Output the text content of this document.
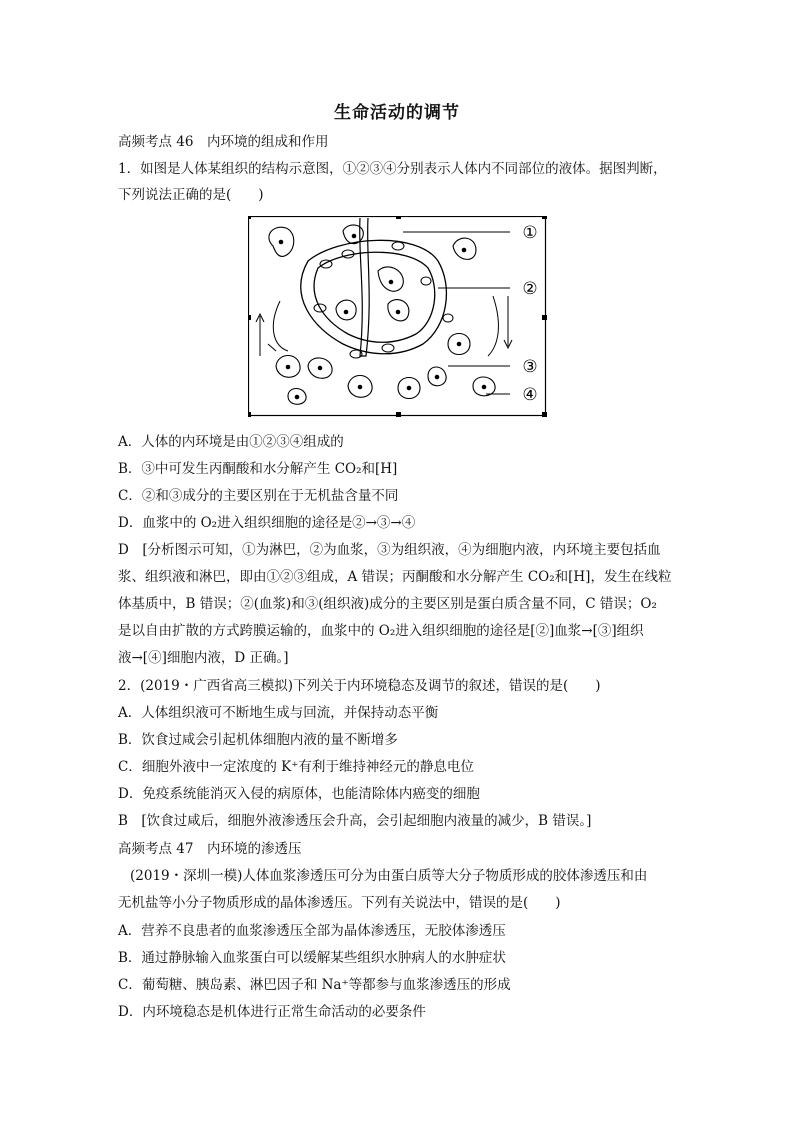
生命活动的调节
高频考点 46　内环境的组成和作用
1．如图是人体某组织的结构示意图，①②③④分别表示人体内不同部位的液体。据图判断，
下列说法正确的是(　　)
①
②
③
④
A．人体的内环境是由①②③④组成的
B．③中可发生丙酮酸和水分解产生 CO₂和[H]
C．②和③成分的主要区别在于无机盐含量不同
D．血浆中的 O₂进入组织细胞的途径是②→③→④
D　[分析图示可知，①为淋巴，②为血浆，③为组织液，④为细胞内液，内环境主要包括血
浆、组织液和淋巴，即由①②③组成，A 错误；丙酮酸和水分解产生 CO₂和[H]，发生在线粒
体基质中，B 错误；②(血浆)和③(组织液)成分的主要区别是蛋白质含量不同，C 错误；O₂
是以自由扩散的方式跨膜运输的，血浆中的 O₂进入组织细胞的途径是[②]血浆→[③]组织
液→[④]细胞内液，D 正确。]
2．(2019・广西省高三模拟)下列关于内环境稳态及调节的叙述，错误的是(　　)
A．人体组织液可不断地生成与回流，并保持动态平衡
B．饮食过咸会引起机体细胞内液的量不断增多
C．细胞外液中一定浓度的 K⁺有利于维持神经元的静息电位
D．免疫系统能消灭入侵的病原体，也能清除体内癌变的细胞
B　[饮食过咸后，细胞外液渗透压会升高，会引起细胞内液量的减少，B 错误。]
高频考点 47　内环境的渗透压
(2019・深圳一模)人体血浆渗透压可分为由蛋白质等大分子物质形成的胶体渗透压和由
无机盐等小分子物质形成的晶体渗透压。下列有关说法中，错误的是(　　)
A．营养不良患者的血浆渗透压全部为晶体渗透压，无胶体渗透压
B．通过静脉输入血浆蛋白可以缓解某些组织水肿病人的水肿症状
C．葡萄糖、胰岛素、淋巴因子和 Na⁺等都参与血浆渗透压的形成
D．内环境稳态是机体进行正常生命活动的必要条件
